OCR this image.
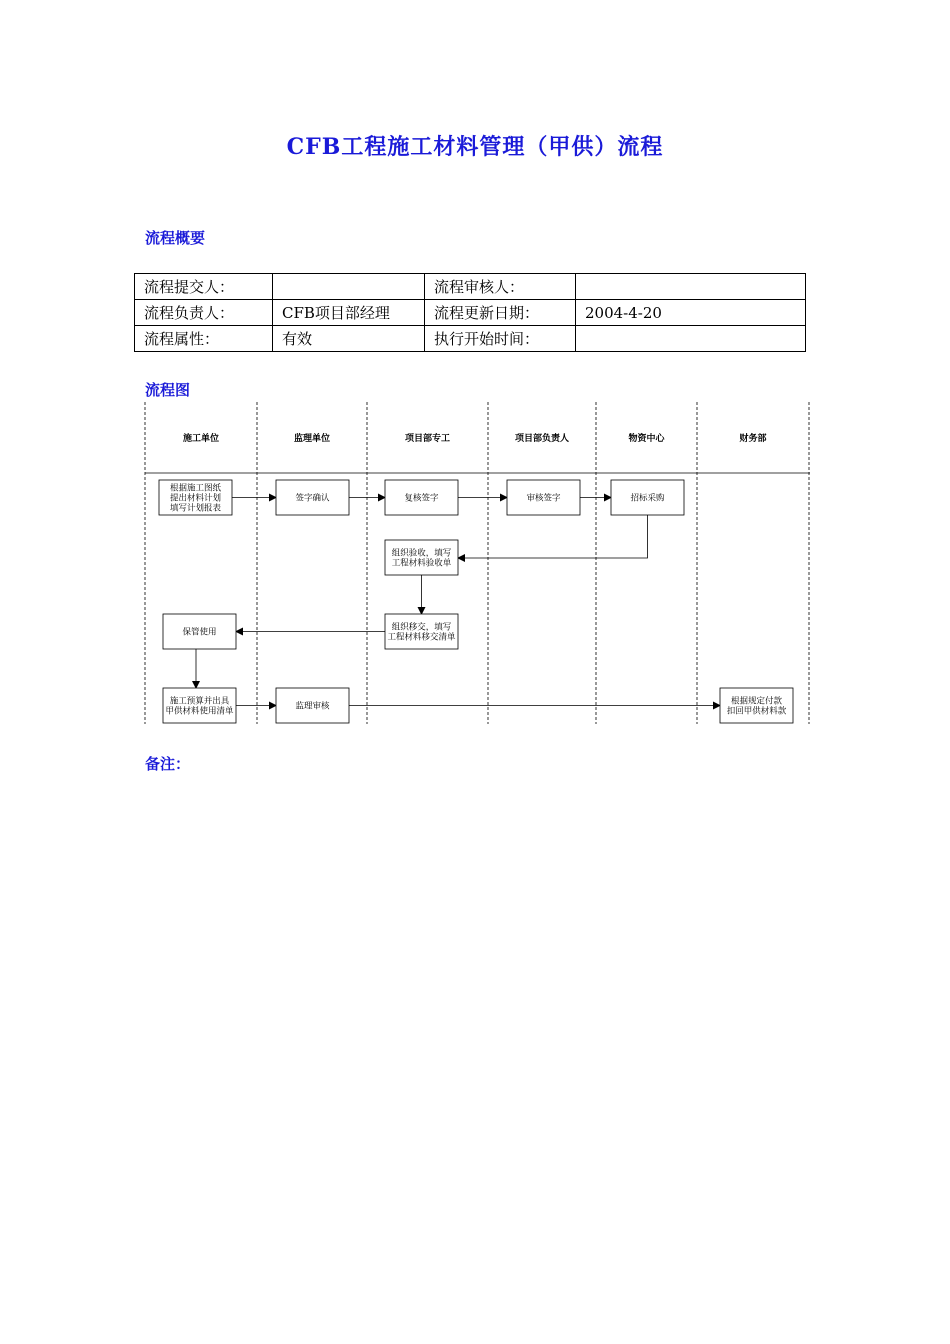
CFB工程施工材料管理（甲供）流程
流程概要
流程提交人：		流程审核人：	
流程负责人：	CFB项目部经理	流程更新日期：	2004-4-20
流程属性：	有效	执行开始时间：	
流程图
施工单位	监理单位	项目部专工	项目部负责人	物资中心	财务部
根据施工图纸
提出材料计划
填写计划报表
签字确认	复核签字	审核签字	招标采购
组织验收，填写
工程材料验收单
组织移交，填写
工程材料移交清单
保管使用
施工预算并出具
甲供材料使用清单	监理审核	根据规定付款
扣回甲供材料款
备注：
